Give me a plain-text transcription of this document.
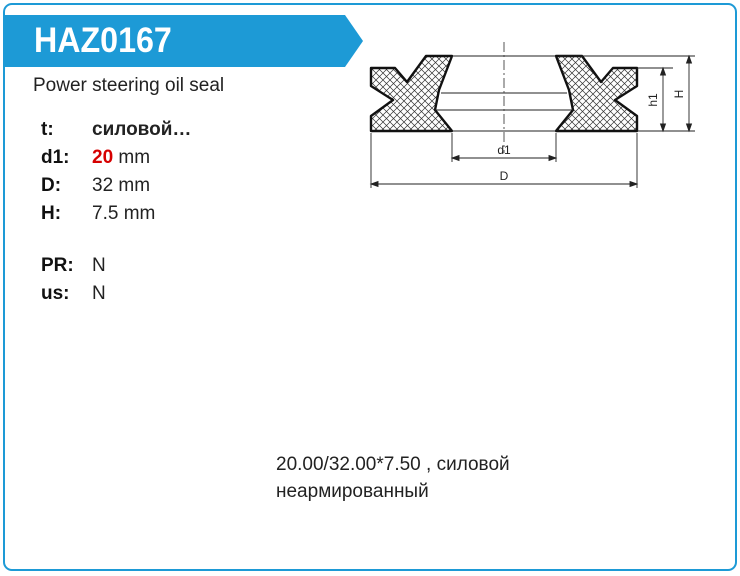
HAZ0167
Power steering oil seal
t: силовой…
d1: 20 mm
D: 32 mm
H: 7.5 mm
PR: N
us: N
20.00/32.00*7.50 , силовой
неармированный
d1
D
h1 H
